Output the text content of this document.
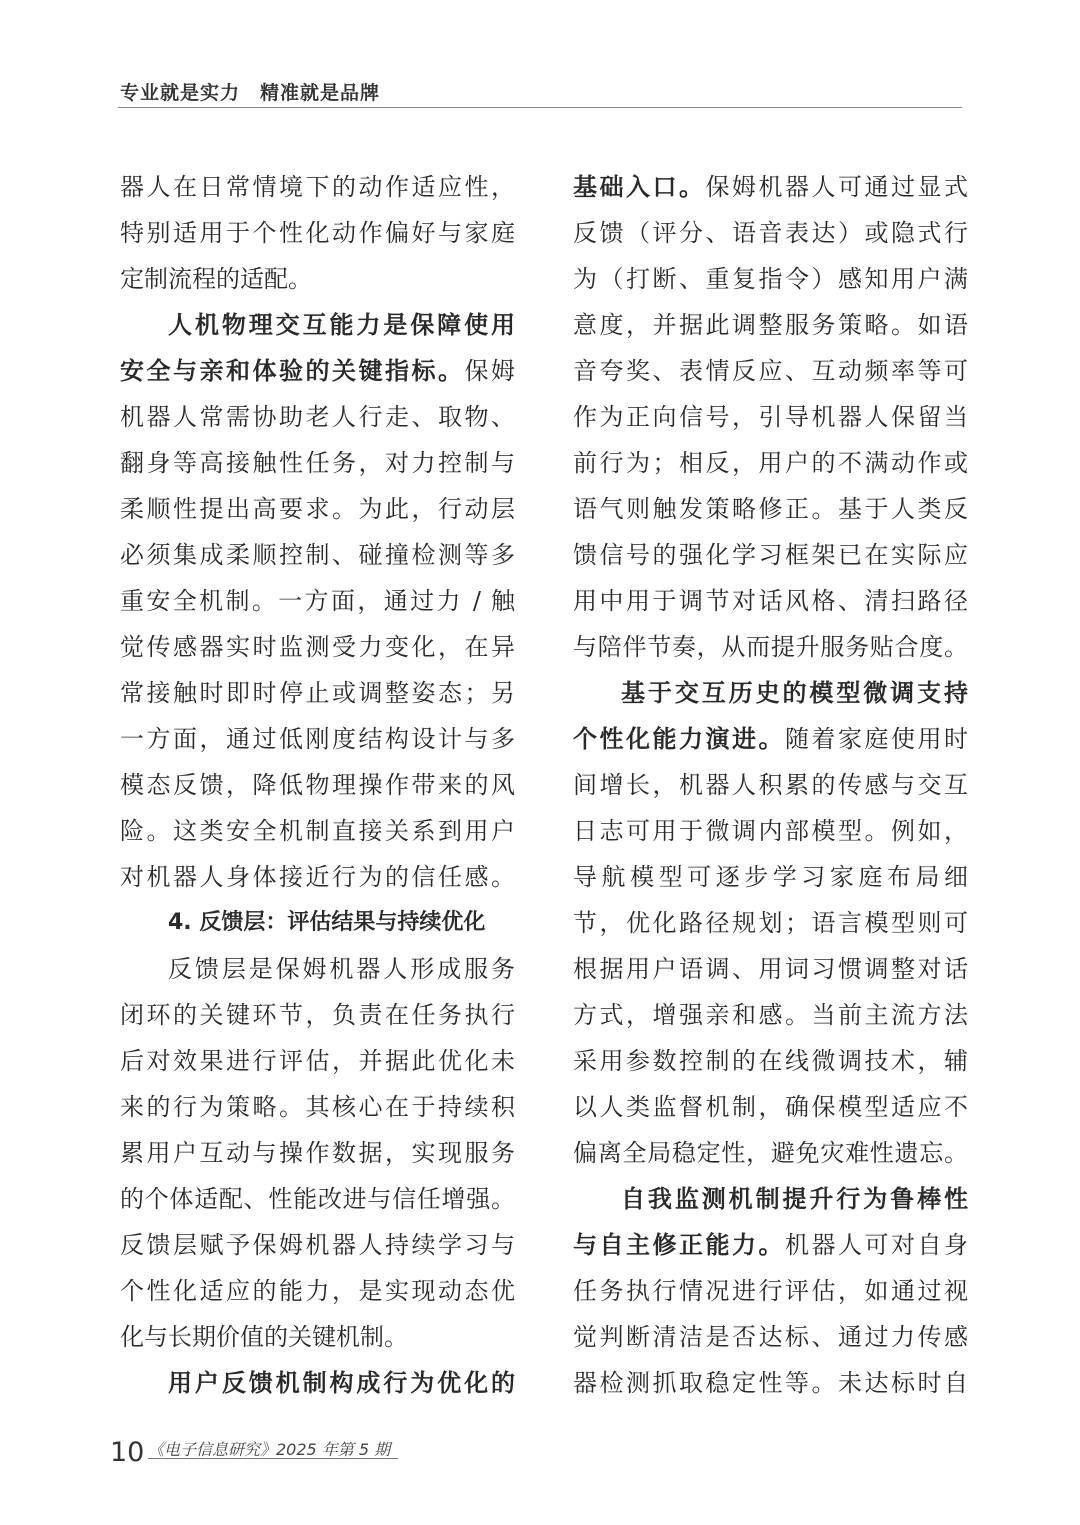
专业就是实力　精准就是品牌
器人在日常情境下的动作适应性，
特别适用于个性化动作偏好与家庭
定制流程的适配。
人机物理交互能力是保障使用
安全与亲和体验的关键指标。保姆
机器人常需协助老人行走、取物、
翻身等高接触性任务，对力控制与
柔顺性提出高要求。为此，行动层
必须集成柔顺控制、碰撞检测等多
重安全机制。一方面，通过力 / 触
觉传感器实时监测受力变化，在异
常接触时即时停止或调整姿态；另
一方面，通过低刚度结构设计与多
模态反馈，降低物理操作带来的风
险。这类安全机制直接关系到用户
对机器人身体接近行为的信任感。
4. 反馈层：评估结果与持续优化
反馈层是保姆机器人形成服务
闭环的关键环节，负责在任务执行
后对效果进行评估，并据此优化未
来的行为策略。其核心在于持续积
累用户互动与操作数据，实现服务
的个体适配、性能改进与信任增强。
反馈层赋予保姆机器人持续学习与
个性化适应的能力，是实现动态优
化与长期价值的关键机制。
用户反馈机制构成行为优化的
基础入口。保姆机器人可通过显式
反馈（评分、语音表达）或隐式行
为（打断、重复指令）感知用户满
意度，并据此调整服务策略。如语
音夸奖、表情反应、互动频率等可
作为正向信号，引导机器人保留当
前行为；相反，用户的不满动作或
语气则触发策略修正。基于人类反
馈信号的强化学习框架已在实际应
用中用于调节对话风格、清扫路径
与陪伴节奏，从而提升服务贴合度。
基于交互历史的模型微调支持
个性化能力演进。随着家庭使用时
间增长，机器人积累的传感与交互
日志可用于微调内部模型。例如，
导航模型可逐步学习家庭布局细
节，优化路径规划；语言模型则可
根据用户语调、用词习惯调整对话
方式，增强亲和感。当前主流方法
采用参数控制的在线微调技术，辅
以人类监督机制，确保模型适应不
偏离全局稳定性，避免灾难性遗忘。
自我监测机制提升行为鲁棒性
与自主修正能力。机器人可对自身
任务执行情况进行评估，如通过视
觉判断清洁是否达标、通过力传感
器检测抓取稳定性等。未达标时自
10 《电子信息研究》2025 年第 5 期
